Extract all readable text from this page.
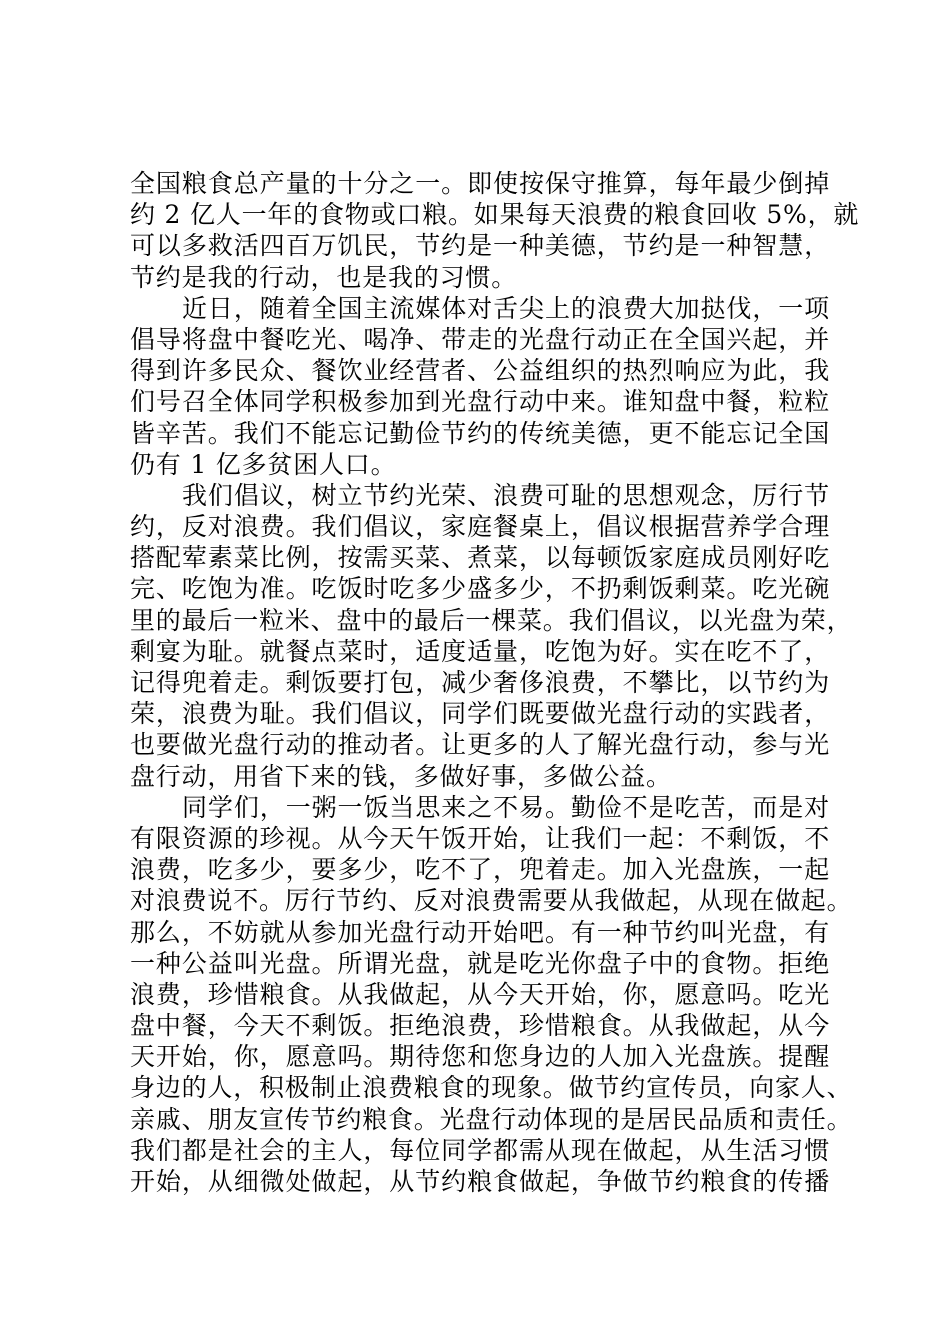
全国粮食总产量的十分之一。即使按保守推算，每年最少倒掉
约 2 亿人一年的食物或口粮。如果每天浪费的粮食回收 5%，就
可以多救活四百万饥民，节约是一种美德，节约是一种智慧，
节约是我的行动，也是我的习惯。
近日，随着全国主流媒体对舌尖上的浪费大加挞伐，一项
倡导将盘中餐吃光、喝净、带走的光盘行动正在全国兴起，并
得到许多民众、餐饮业经营者、公益组织的热烈响应为此，我
们号召全体同学积极参加到光盘行动中来。谁知盘中餐，粒粒
皆辛苦。我们不能忘记勤俭节约的传统美德，更不能忘记全国
仍有 1 亿多贫困人口。
我们倡议，树立节约光荣、浪费可耻的思想观念，厉行节
约，反对浪费。我们倡议，家庭餐桌上，倡议根据营养学合理
搭配荤素菜比例，按需买菜、煮菜，以每顿饭家庭成员刚好吃
完、吃饱为准。吃饭时吃多少盛多少，不扔剩饭剩菜。吃光碗
里的最后一粒米、盘中的最后一棵菜。我们倡议，以光盘为荣，
剩宴为耻。就餐点菜时，适度适量，吃饱为好。实在吃不了，
记得兜着走。剩饭要打包，减少奢侈浪费，不攀比，以节约为
荣，浪费为耻。我们倡议，同学们既要做光盘行动的实践者，
也要做光盘行动的推动者。让更多的人了解光盘行动，参与光
盘行动，用省下来的钱，多做好事，多做公益。
同学们，一粥一饭当思来之不易。勤俭不是吃苦，而是对
有限资源的珍视。从今天午饭开始，让我们一起：不剩饭，不
浪费，吃多少，要多少，吃不了，兜着走。加入光盘族，一起
对浪费说不。厉行节约、反对浪费需要从我做起，从现在做起。
那么，不妨就从参加光盘行动开始吧。有一种节约叫光盘，有
一种公益叫光盘。所谓光盘，就是吃光你盘子中的食物。拒绝
浪费，珍惜粮食。从我做起，从今天开始，你，愿意吗。吃光
盘中餐，今天不剩饭。拒绝浪费，珍惜粮食。从我做起，从今
天开始，你，愿意吗。期待您和您身边的人加入光盘族。提醒
身边的人，积极制止浪费粮食的现象。做节约宣传员，向家人、
亲戚、朋友宣传节约粮食。光盘行动体现的是居民品质和责任。
我们都是社会的主人，每位同学都需从现在做起，从生活习惯
开始，从细微处做起，从节约粮食做起，争做节约粮食的传播
